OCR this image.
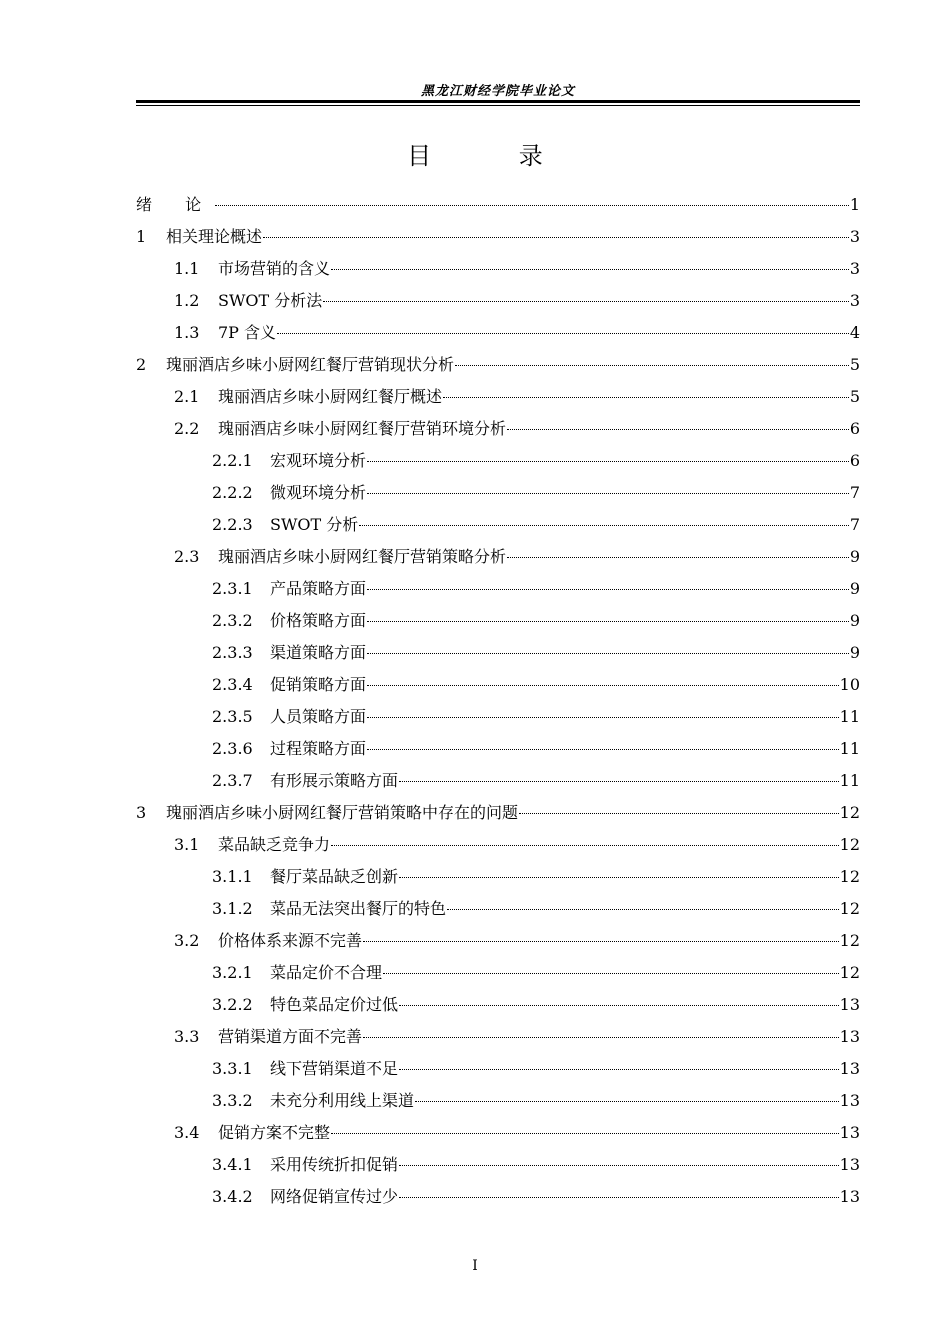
黑龙江财经学院毕业论文
目 录
绪 论	1
1	相关理论概述	3
1.1	市场营销的含义	3
1.2	SWOT 分析法	3
1.3	7P 含义	4
2	瑰丽酒店乡味小厨网红餐厅营销现状分析	5
2.1	瑰丽酒店乡味小厨网红餐厅概述	5
2.2	瑰丽酒店乡味小厨网红餐厅营销环境分析	6
2.2.1	宏观环境分析	6
2.2.2	微观环境分析	7
2.2.3	SWOT 分析	7
2.3	瑰丽酒店乡味小厨网红餐厅营销策略分析	9
2.3.1	产品策略方面	9
2.3.2	价格策略方面	9
2.3.3	渠道策略方面	9
2.3.4	促销策略方面	10
2.3.5	人员策略方面	11
2.3.6	过程策略方面	11
2.3.7	有形展示策略方面	11
3	瑰丽酒店乡味小厨网红餐厅营销策略中存在的问题	12
3.1	菜品缺乏竞争力	12
3.1.1	餐厅菜品缺乏创新	12
3.1.2	菜品无法突出餐厅的特色	12
3.2	价格体系来源不完善	12
3.2.1	菜品定价不合理	12
3.2.2	特色菜品定价过低	13
3.3	营销渠道方面不完善	13
3.3.1	线下营销渠道不足	13
3.3.2	未充分利用线上渠道	13
3.4	促销方案不完整	13
3.4.1	采用传统折扣促销	13
3.4.2	网络促销宣传过少	13
I
